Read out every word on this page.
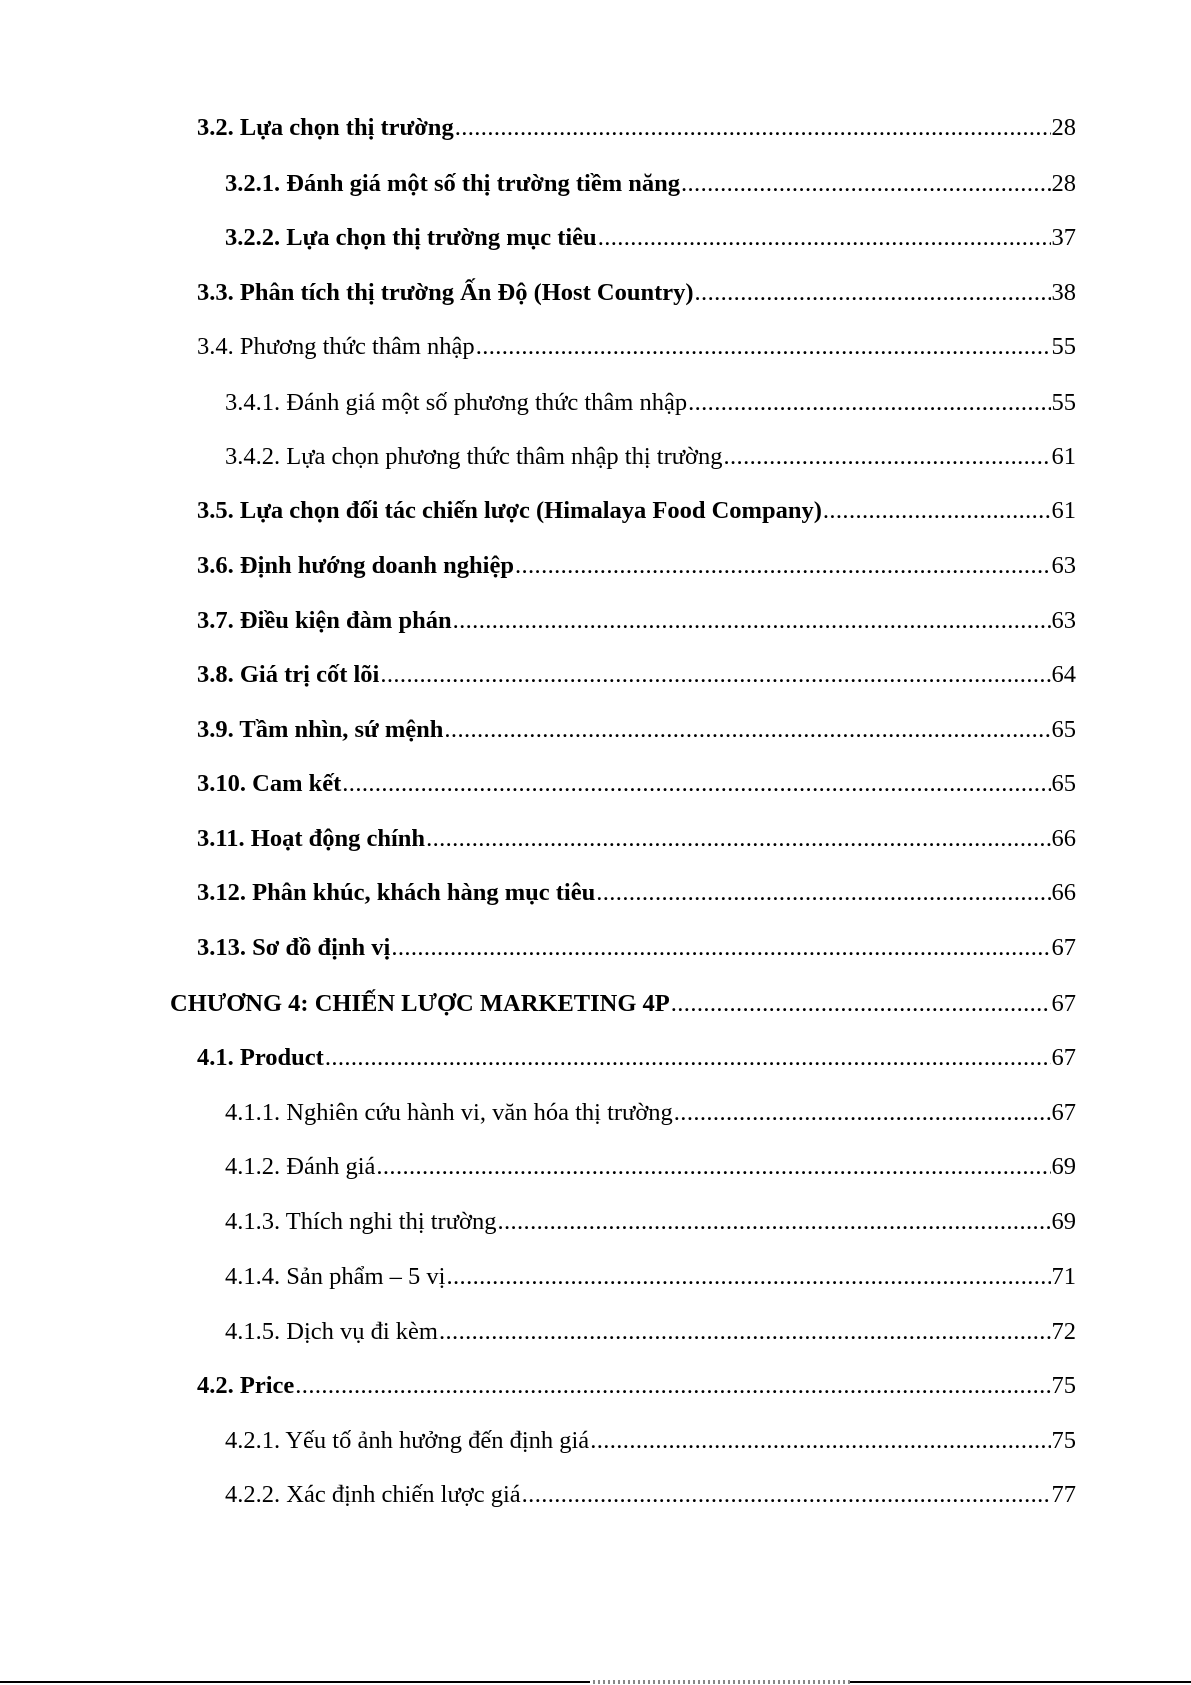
3.2. Lựa chọn thị trường .....	28
3.2.1. Đánh giá một số thị trường tiềm năng .....	28
3.2.2. Lựa chọn thị trường mục tiêu .....	37
3.3. Phân tích thị trường Ấn Độ (Host Country) .....	38
3.4. Phương thức thâm nhập .....	55
3.4.1. Đánh giá một số phương thức thâm nhập .....	55
3.4.2. Lựa chọn phương thức thâm nhập thị trường .....	61
3.5. Lựa chọn đối tác chiến lược (Himalaya Food Company) .....	61
3.6. Định hướng doanh nghiệp .....	63
3.7. Điều kiện đàm phán .....	63
3.8. Giá trị cốt lõi .....	64
3.9. Tầm nhìn, sứ mệnh .....	65
3.10. Cam kết .....	65
3.11. Hoạt động chính .....	66
3.12. Phân khúc, khách hàng mục tiêu .....	66
3.13. Sơ đồ định vị .....	67
CHƯƠNG 4: CHIẾN LƯỢC MARKETING 4P .....	67
4.1. Product .....	67
4.1.1. Nghiên cứu hành vi, văn hóa thị trường .....	67
4.1.2. Đánh giá .....	69
4.1.3. Thích nghi thị trường .....	69
4.1.4. Sản phẩm – 5 vị .....	71
4.1.5. Dịch vụ đi kèm .....	72
4.2. Price .....	75
4.2.1. Yếu tố ảnh hưởng đến định giá .....	75
4.2.2. Xác định chiến lược giá .....	77
